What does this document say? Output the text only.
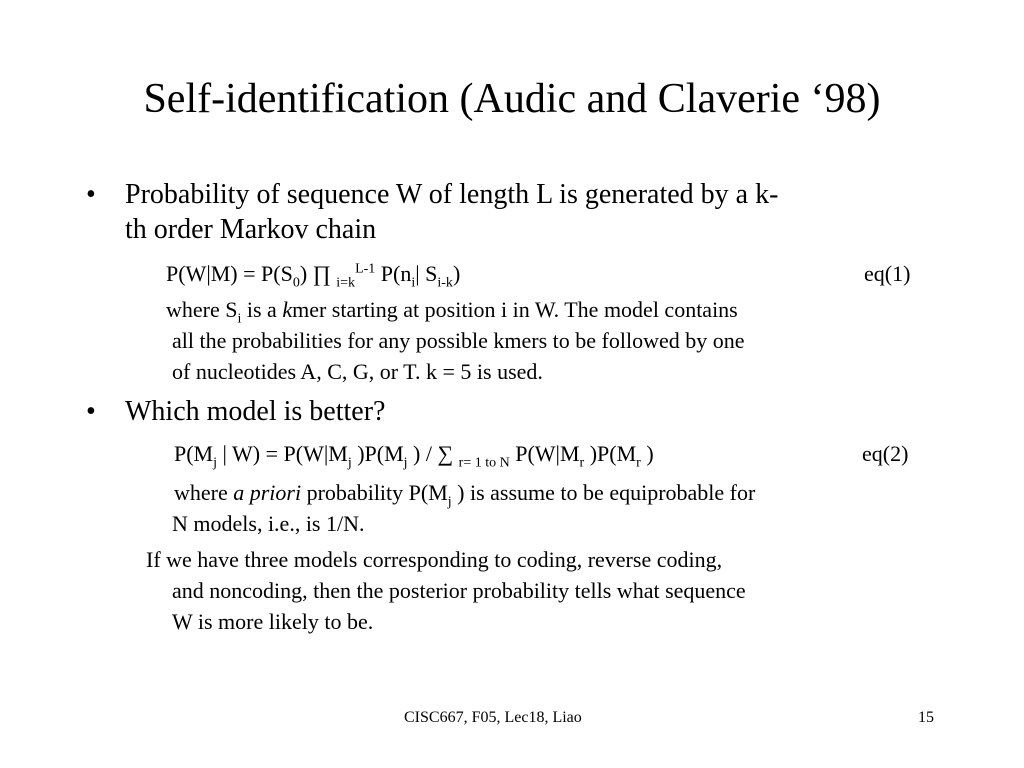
Self-identification (Audic and Claverie ‘98)
• Probability of sequence W of length L is generated by a k-
th order Markov chain
$P(W|M) = P(S_0)$ ∏ $_{i=k}^{L-1}$ $P(n_i|$ $S_{i-k}$)	eq(1)
where $S_i$ is a kmer starting at position i in W. The model contains
all the probabilities for any possible kmers to be followed by one
of nucleotides A, C, G, or T. k = 5 is used.
• Which model is better?
$P(M_j$ | $W) = P(W|M_j$ )$P(M_j$ ) / ∑ $_{r= 1 to N}$ $P(W|M_r$ )$P(M_r$ )	eq(2)
where a priori probability $P(M_j$ ) is assume to be equiprobable for
N models, i.e., is 1/N.
If we have three models corresponding to coding, reverse coding,
and noncoding, then the posterior probability tells what sequence
W is more likely to be.
CISC667, F05, Lec18, Liao	15
